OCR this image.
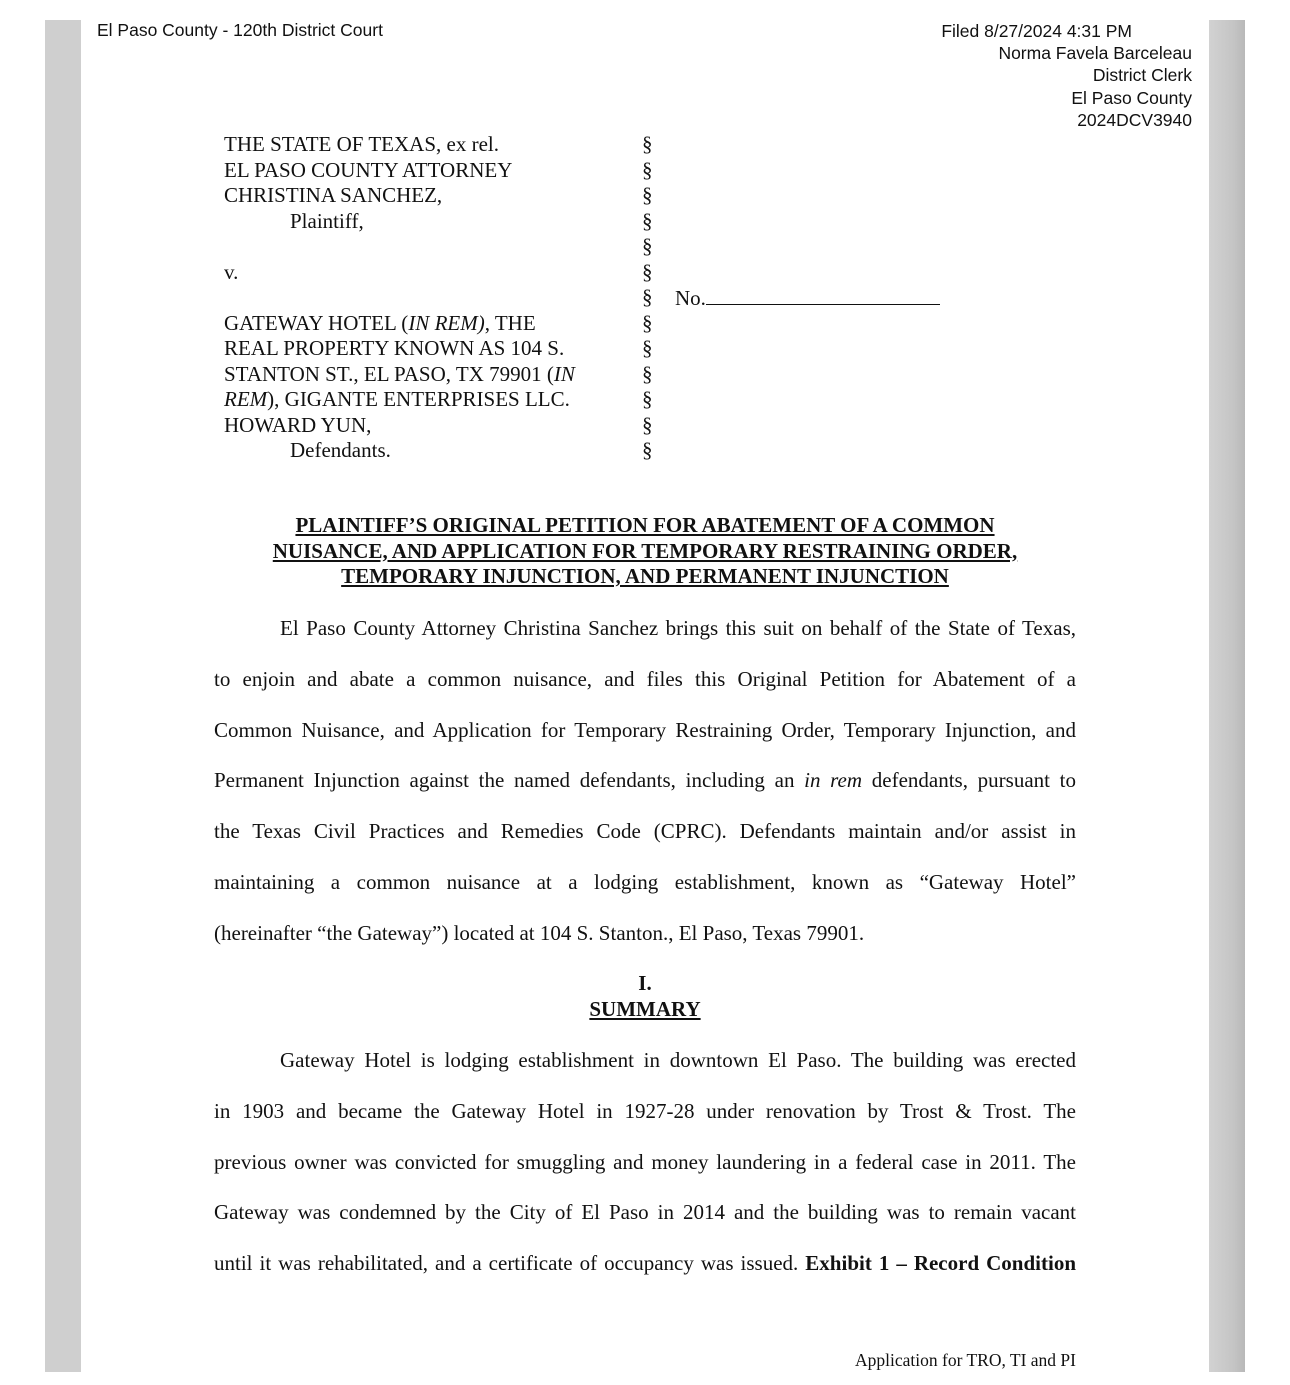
El Paso County - 120th District Court	Filed 8/27/2024 4:31 PM
Norma Favela Barceleau
District Clerk
El Paso County
2024DCV3940
THE STATE OF TEXAS, ex rel.
EL PASO COUNTY ATTORNEY
CHRISTINA SANCHEZ,
Plaintiff,
v.
GATEWAY HOTEL (IN REM), THE
REAL PROPERTY KNOWN AS 104 S.
STANTON ST., EL PASO, TX 79901 (IN
REM), GIGANTE ENTERPRISES LLC.
HOWARD YUN,
Defendants.
§
§
§
§
§
§
§
§
§
§
§
§
§
No.
PLAINTIFF’S ORIGINAL PETITION FOR ABATEMENT OF A COMMON
NUISANCE, AND APPLICATION FOR TEMPORARY RESTRAINING ORDER,
TEMPORARY INJUNCTION, AND PERMANENT INJUNCTION
El Paso County Attorney Christina Sanchez brings this suit on behalf of the State of Texas,
to enjoin and abate a common nuisance, and files this Original Petition for Abatement of a
Common Nuisance, and Application for Temporary Restraining Order, Temporary Injunction, and
Permanent Injunction against the named defendants, including an in rem defendants, pursuant to
the Texas Civil Practices and Remedies Code (CPRC). Defendants maintain and/or assist in
maintaining a common nuisance at a lodging establishment, known as “Gateway Hotel”
(hereinafter “the Gateway”) located at 104 S. Stanton., El Paso, Texas 79901.
I.
SUMMARY
Gateway Hotel is lodging establishment in downtown El Paso. The building was erected
in 1903 and became the Gateway Hotel in 1927-28 under renovation by Trost & Trost. The
previous owner was convicted for smuggling and money laundering in a federal case in 2011. The
Gateway was condemned by the City of El Paso in 2014 and the building was to remain vacant
until it was rehabilitated, and a certificate of occupancy was issued. Exhibit 1 – Record Condition
Application for TRO, TI and PI
